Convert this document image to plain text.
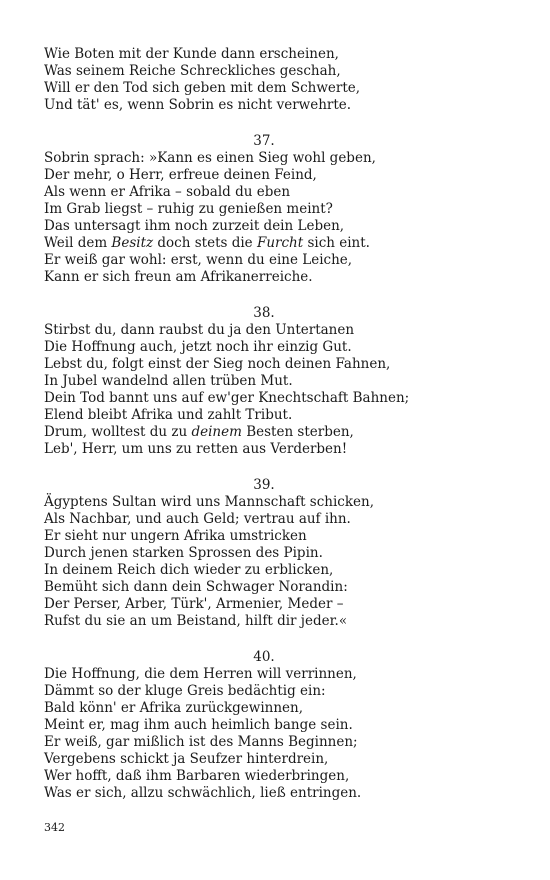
Wie Boten mit der Kunde dann erscheinen,
Was seinem Reiche Schreckliches geschah,
Will er den Tod sich geben mit dem Schwerte,
Und tät' es, wenn Sobrin es nicht verwehrte.
37.
Sobrin sprach: »Kann es einen Sieg wohl geben,
Der mehr, o Herr, erfreue deinen Feind,
Als wenn er Afrika – sobald du eben
Im Grab liegst – ruhig zu genießen meint?
Das untersagt ihm noch zurzeit dein Leben,
Weil dem Besitz doch stets die Furcht sich eint.
Er weiß gar wohl: erst, wenn du eine Leiche,
Kann er sich freun am Afrikanerreiche.
38.
Stirbst du, dann raubst du ja den Untertanen
Die Hoffnung auch, jetzt noch ihr einzig Gut.
Lebst du, folgt einst der Sieg noch deinen Fahnen,
In Jubel wandelnd allen trüben Mut.
Dein Tod bannt uns auf ew'ger Knechtschaft Bahnen;
Elend bleibt Afrika und zahlt Tribut.
Drum, wolltest du zu deinem Besten sterben,
Leb', Herr, um uns zu retten aus Verderben!
39.
Ägyptens Sultan wird uns Mannschaft schicken,
Als Nachbar, und auch Geld; vertrau auf ihn.
Er sieht nur ungern Afrika umstricken
Durch jenen starken Sprossen des Pipin.
In deinem Reich dich wieder zu erblicken,
Bemüht sich dann dein Schwager Norandin:
Der Perser, Arber, Türk', Armenier, Meder –
Rufst du sie an um Beistand, hilft dir jeder.«
40.
Die Hoffnung, die dem Herren will verrinnen,
Dämmt so der kluge Greis bedächtig ein:
Bald könn' er Afrika zurückgewinnen,
Meint er, mag ihm auch heimlich bange sein.
Er weiß, gar mißlich ist des Manns Beginnen;
Vergebens schickt ja Seufzer hinterdrein,
Wer hofft, daß ihm Barbaren wiederbringen,
Was er sich, allzu schwächlich, ließ entringen.
342
